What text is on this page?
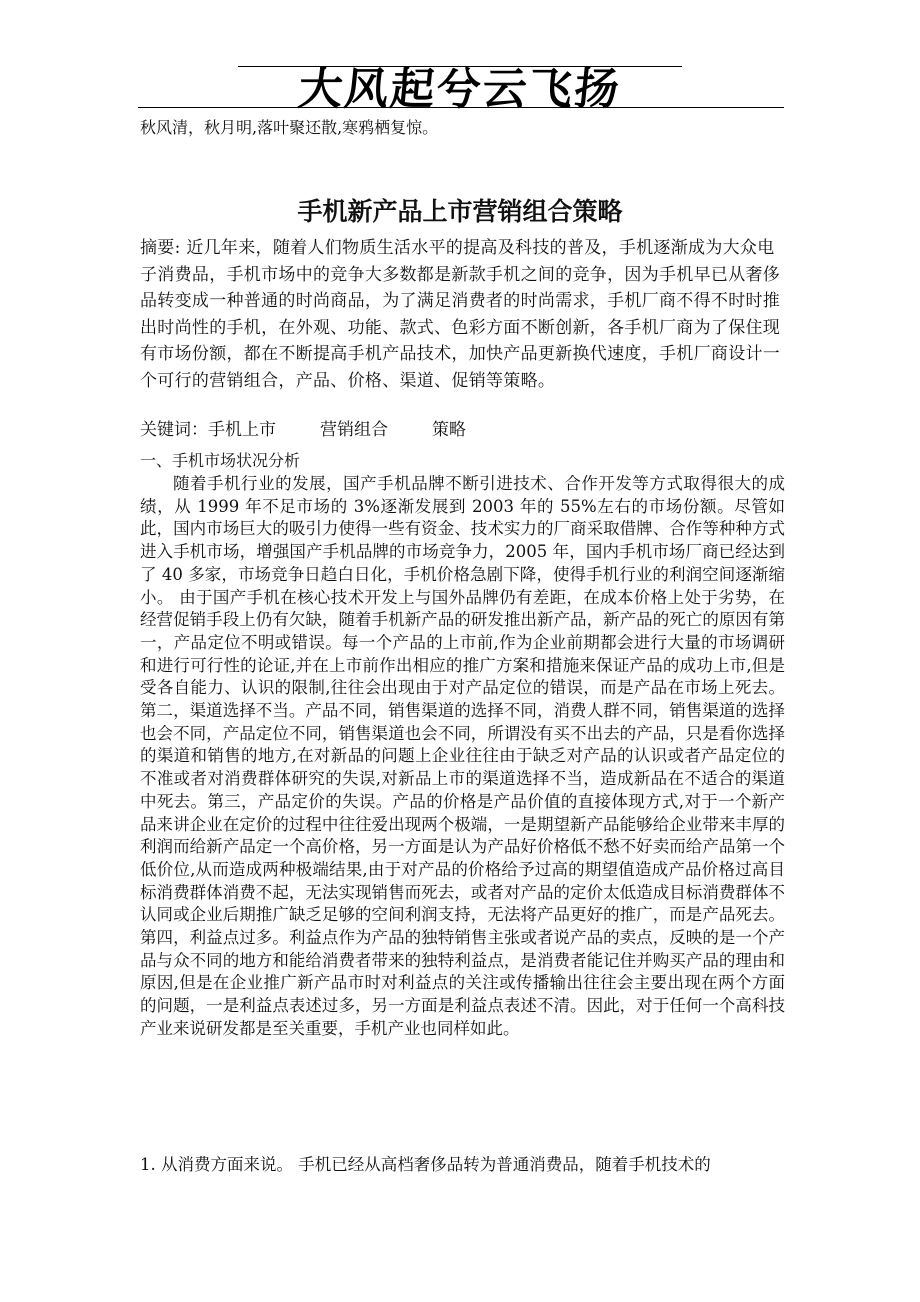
大风起兮云飞扬
秋风清，秋月明,落叶聚还散,寒鸦栖复惊。
手机新产品上市营销组合策略

摘要: 近几年来，随着人们物质生活水平的提高及科技的普及，手机逐渐成为大众电子消费品，手机市场中的竞争大多数都是新款手机之间的竞争，因为手机早已从奢侈品转变成一种普通的时尚商品，为了满足消费者的时尚需求，手机厂商不得不时时推出时尚性的手机，在外观、功能、款式、色彩方面不断创新，各手机厂商为了保住现有市场份额，都在不断提高手机产品技术，加快产品更新换代速度，手机厂商设计一个可行的营销组合，产品、价格、渠道、促销等策略。

关键词：手机上市	营销组合	策略
一、手机市场状况分析

随着手机行业的发展，国产手机品牌不断引进技术、合作开发等方式取得很大的成绩，从 1999 年不足市场的 3%逐渐发展到 2003 年的 55%左右的市场份额。尽管如此，国内市场巨大的吸引力使得一些有资金、技术实力的厂商采取借牌、合作等种种方式进入手机市场，增强国产手机品牌的市场竞争力，2005 年，国内手机市场厂商已经达到了 40 多家，市场竞争日趋白日化，手机价格急剧下降，使得手机行业的利润空间逐渐缩小。 由于国产手机在核心技术开发上与国外品牌仍有差距，在成本价格上处于劣势，在经营促销手段上仍有欠缺，随着手机新产品的研发推出新产品，新产品的死亡的原因有第一，产品定位不明或错误。每一个产品的上市前,作为企业前期都会进行大量的市场调研和进行可行性的论证,并在上市前作出相应的推广方案和措施来保证产品的成功上市,但是受各自能力、认识的限制,往往会出现由于对产品定位的错误，而是产品在市场上死去。第二，渠道选择不当。产品不同，销售渠道的选择不同，消费人群不同，销售渠道的选择也会不同，产品定位不同，销售渠道也会不同，所谓没有买不出去的产品，只是看你选择的渠道和销售的地方,在对新品的问题上企业往往由于缺乏对产品的认识或者产品定位的不准或者对消费群体研究的失误,对新品上市的渠道选择不当，造成新品在不适合的渠道中死去。第三，产品定价的失误。产品的价格是产品价值的直接体现方式,对于一个新产品来讲企业在定价的过程中往往爱出现两个极端，一是期望新产品能够给企业带来丰厚的利润而给新产品定一个高价格，另一方面是认为产品好价格低不愁不好卖而给产品第一个低价位,从而造成两种极端结果,由于对产品的价格给予过高的期望值造成产品价格过高目标消费群体消费不起，无法实现销售而死去，或者对产品的定价太低造成目标消费群体不认同或企业后期推广缺乏足够的空间利润支持，无法将产品更好的推广，而是产品死去。第四，利益点过多。利益点作为产品的独特销售主张或者说产品的卖点，反映的是一个产品与众不同的地方和能给消费者带来的独特利益点，是消费者能记住并购买产品的理由和原因,但是在企业推广新产品市时对利益点的关注或传播输出往往会主要出现在两个方面的问题，一是利益点表述过多，另一方面是利益点表述不清。因此，对于任何一个高科技产业来说研发都是至关重要，手机产业也同样如此。

1. 从消费方面来说。 手机已经从高档奢侈品转为普通消费品，随着手机技术的
